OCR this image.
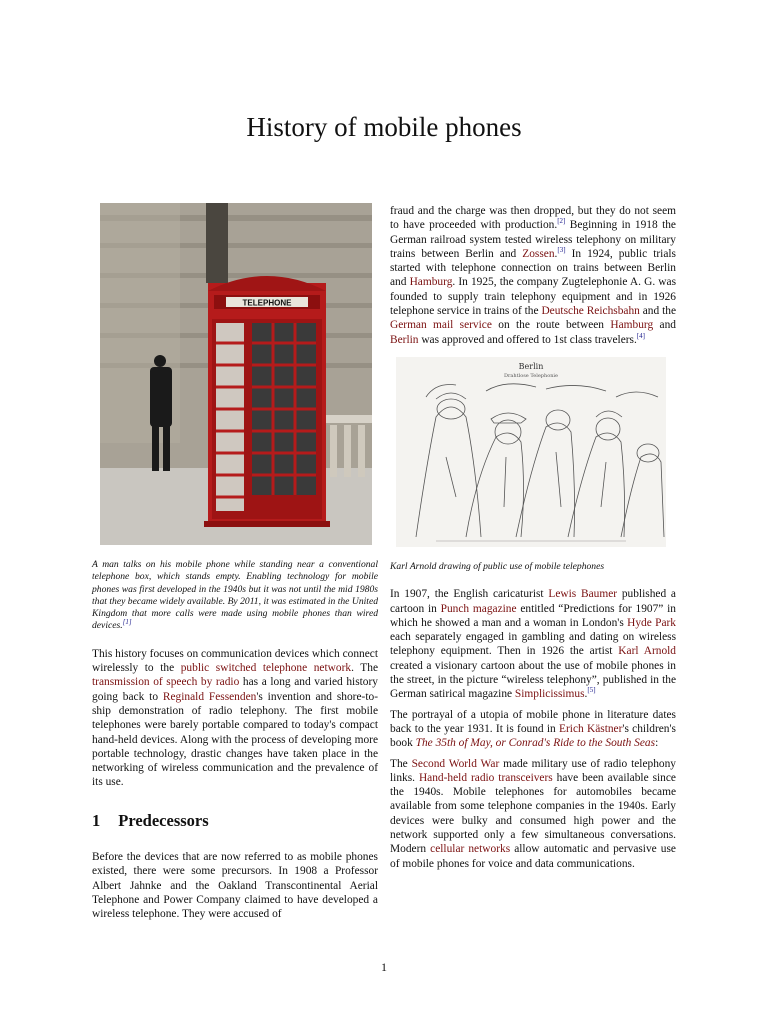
History of mobile phones
TELEPHONE

A man talks on his mobile phone while standing near a conventional telephone box, which stands empty. Enabling technology for mobile phones was first developed in the 1940s but it was not until the mid 1980s that they became widely available. By 2011, it was estimated in the United Kingdom that more calls were made using mobile phones than wired devices.[1]

This history focuses on communication devices which connect wirelessly to the public switched telephone network. The transmission of speech by radio has a long and varied history going back to Reginald Fessenden's invention and shore-to-ship demonstration of radio telephony. The first mobile telephones were barely portable compared to today's compact hand-held devices. Along with the process of developing more portable technology, drastic changes have taken place in the networking of wireless communication and the prevalence of its use.

1 Predecessors

Before the devices that are now referred to as mobile phones existed, there were some precursors. In 1908 a Professor Albert Jahnke and the Oakland Transcontinental Aerial Telephone and Power Company claimed to have developed a wireless telephone. They were accused of

fraud and the charge was then dropped, but they do not seem to have proceeded with production.[2] Beginning in 1918 the German railroad system tested wireless telephony on military trains between Berlin and Zossen.[3] In 1924, public trials started with telephone connection on trains between Berlin and Hamburg. In 1925, the company Zugtelephonie A. G. was founded to supply train telephony equipment and in 1926 telephone service in trains of the Deutsche Reichsbahn and the German mail service on the route between Hamburg and Berlin was approved and offered to 1st class travelers.[4]

Berlin
Drahtlose Telephonie

Karl Arnold drawing of public use of mobile telephones

In 1907, the English caricaturist Lewis Baumer published a cartoon in Punch magazine entitled “Predictions for 1907” in which he showed a man and a woman in London's Hyde Park each separately engaged in gambling and dating on wireless telephony equipment. Then in 1926 the artist Karl Arnold created a visionary cartoon about the use of mobile phones in the street, in the picture “wireless telephony”, published in the German satirical magazine Simplicissimus.[5]

The portrayal of a utopia of mobile phone in literature dates back to the year 1931. It is found in Erich Kästner's children's book The 35th of May, or Conrad's Ride to the South Seas:

The Second World War made military use of radio telephony links. Hand-held radio transceivers have been available since the 1940s. Mobile telephones for automobiles became available from some telephone companies in the 1940s. Early devices were bulky and consumed high power and the network supported only a few simultaneous conversations. Modern cellular networks allow automatic and pervasive use of mobile phones for voice and data communications.

1
